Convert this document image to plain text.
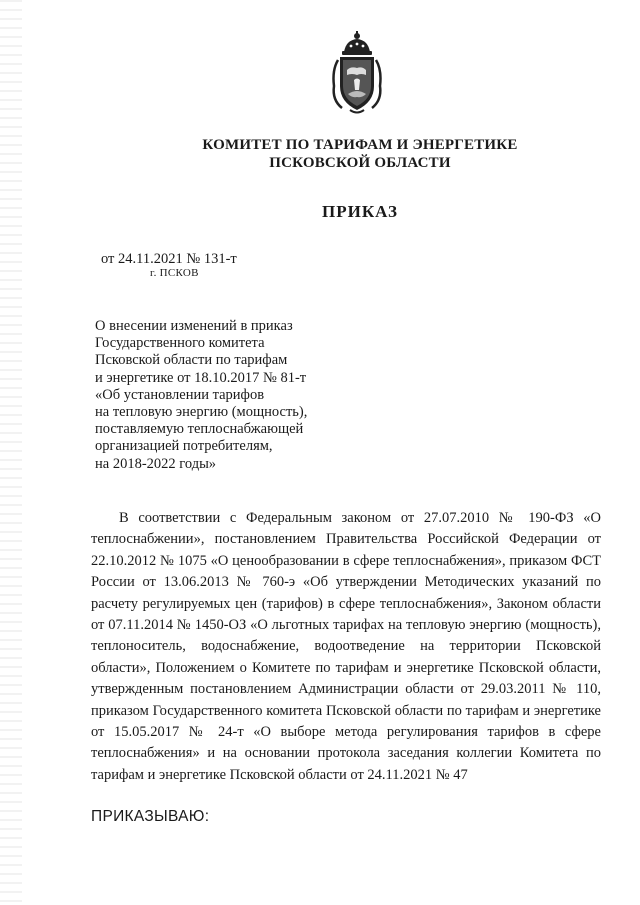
КОМИТЕТ ПО ТАРИФАМ И ЭНЕРГЕТИКЕ
ПСКОВСКОЙ ОБЛАСТИ
ПРИКАЗ
от 24.11.2021 № 131-т
г. ПСКОВ
О внесении изменений в приказ
Государственного комитета
Псковской области по тарифам
и энергетике от 18.10.2017 № 81-т
«Об установлении тарифов
на тепловую энергию (мощность),
поставляемую теплоснабжающей
организацией потребителям,
на 2018-2022 годы»
В соответствии с Федеральным законом от 27.07.2010 № 190-ФЗ «О теплоснабжении», постановлением Правительства Российской Федерации от 22.10.2012 № 1075 «О ценообразовании в сфере теплоснабжения», приказом ФСТ России от 13.06.2013 № 760-э «Об утверждении Методических указаний по расчету регулируемых цен (тарифов) в сфере теплоснабжения», Законом области от 07.11.2014 № 1450-ОЗ «О льготных тарифах на тепловую энергию (мощность), теплоноситель, водоснабжение, водоотведение на территории Псковской области», Положением о Комитете по тарифам и энергетике Псковской области, утвержденным постановлением Администрации области от 29.03.2011 № 110, приказом Государственного комитета Псковской области по тарифам и энергетике от 15.05.2017 № 24-т «О выборе метода регулирования тарифов в сфере теплоснабжения» и на основании протокола заседания коллегии Комитета по тарифам и энергетике Псковской области от 24.11.2021 № 47
ПРИКАЗЫВАЮ:
